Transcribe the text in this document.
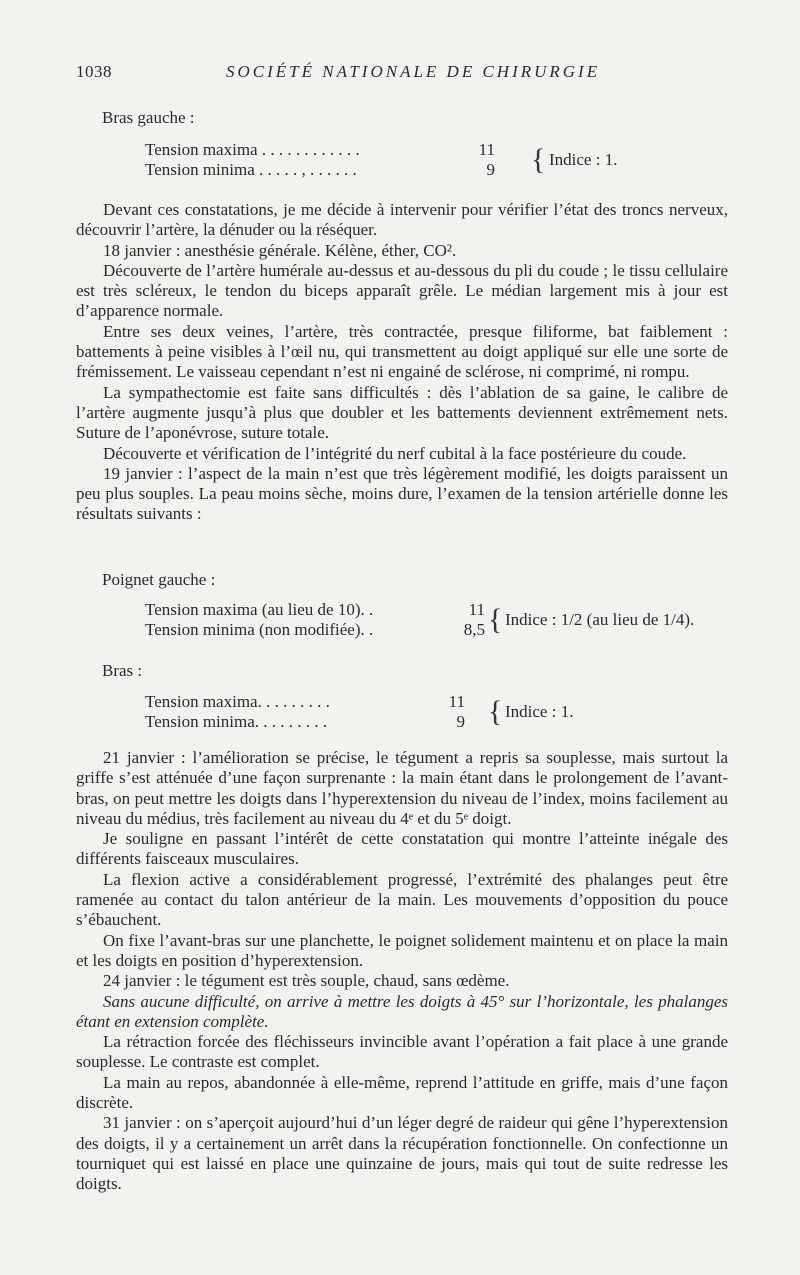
1038	SOCIÉTÉ NATIONALE DE CHIRURGIE
Bras gauche :
Tension maxima . . . . . . . . . . . .	11
Tension minima . . . . . , . . . . . .	9 { Indice : 1.

Devant ces constatations, je me décide à intervenir pour vérifier l’état des troncs nerveux, découvrir l’artère, la dénuder ou la réséquer.

18 janvier : anesthésie générale. Kélène, éther, CO².

Découverte de l’artère humérale au-dessus et au-dessous du pli du coude ; le tissu cellulaire est très scléreux, le tendon du biceps apparaît grêle. Le médian largement mis à jour est d’apparence normale.

Entre ses deux veines, l’artère, très contractée, presque filiforme, bat faiblement : battements à peine visibles à l’œil nu, qui transmettent au doigt appliqué sur elle une sorte de frémissement. Le vaisseau cependant n’est ni engainé de sclérose, ni comprimé, ni rompu.

La sympathectomie est faite sans difficultés : dès l’ablation de sa gaine, le calibre de l’artère augmente jusqu’à plus que doubler et les battements deviennent extrêmement nets. Suture de l’aponévrose, suture totale.

Découverte et vérification de l’intégrité du nerf cubital à la face postérieure du coude.

19 janvier : l’aspect de la main n’est que très légèrement modifié, les doigts paraissent un peu plus souples. La peau moins sèche, moins dure, l’examen de la tension artérielle donne les résultats suivants :

Poignet gauche :
Tension maxima (au lieu de 10). .	11
Tension minima (non modifiée). .	8,5 { Indice : 1/2 (au lieu de 1/4).
Bras :
Tension maxima. . . . . . . . .	11
Tension minima. . . . . . . . .	9 { Indice : 1.

21 janvier : l’amélioration se précise, le tégument a repris sa souplesse, mais surtout la griffe s’est atténuée d’une façon surprenante : la main étant dans le prolongement de l’avant-bras, on peut mettre les doigts dans l’hyperextension du niveau de l’index, moins facilement au niveau du médius, très facilement au niveau du 4ᵉ et du 5ᵉ doigt.

Je souligne en passant l’intérêt de cette constatation qui montre l’atteinte inégale des différents faisceaux musculaires.

La flexion active a considérablement progressé, l’extrémité des phalanges peut être ramenée au contact du talon antérieur de la main. Les mouvements d’opposition du pouce s’ébauchent.

On fixe l’avant-bras sur une planchette, le poignet solidement maintenu et on place la main et les doigts en position d’hyperextension.

24 janvier : le tégument est très souple, chaud, sans œdème.

Sans aucune difficulté, on arrive à mettre les doigts à 45° sur l’horizontale, les phalanges étant en extension complète.

La rétraction forcée des fléchisseurs invincible avant l’opération a fait place à une grande souplesse. Le contraste est complet.

La main au repos, abandonnée à elle-même, reprend l’attitude en griffe, mais d’une façon discrète.

31 janvier : on s’aperçoit aujourd’hui d’un léger degré de raideur qui gêne l’hyperextension des doigts, il y a certainement un arrêt dans la récupération fonctionnelle. On confectionne un tourniquet qui est laissé en place une quinzaine de jours, mais qui tout de suite redresse les doigts.
